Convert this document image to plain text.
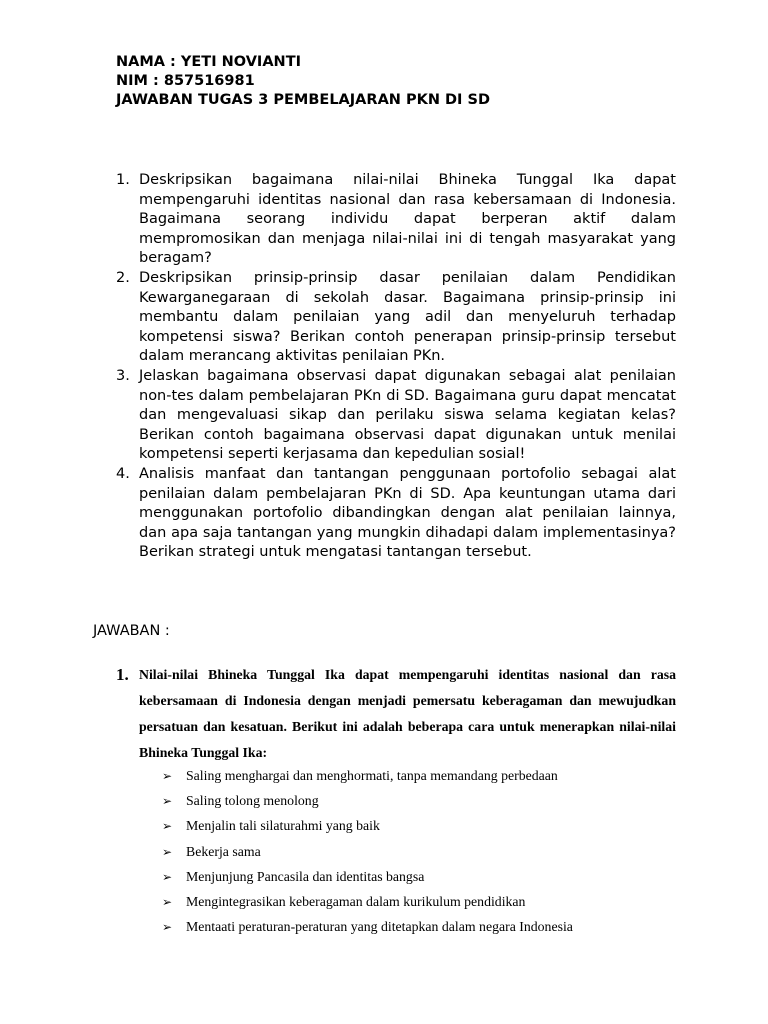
NAMA : YETI NOVIANTI
NIM : 857516981
JAWABAN TUGAS 3 PEMBELAJARAN PKN DI SD
1. Deskripsikan bagaimana nilai-nilai Bhineka Tunggal Ika dapat mempengaruhi identitas nasional dan rasa kebersamaan di Indonesia. Bagaimana seorang individu dapat berperan aktif dalam mempromosikan dan menjaga nilai-nilai ini di tengah masyarakat yang beragam?
2. Deskripsikan prinsip-prinsip dasar penilaian dalam Pendidikan Kewarganegaraan di sekolah dasar. Bagaimana prinsip-prinsip ini membantu dalam penilaian yang adil dan menyeluruh terhadap kompetensi siswa? Berikan contoh penerapan prinsip-prinsip tersebut dalam merancang aktivitas penilaian PKn.
3. Jelaskan bagaimana observasi dapat digunakan sebagai alat penilaian non-tes dalam pembelajaran PKn di SD. Bagaimana guru dapat mencatat dan mengevaluasi sikap dan perilaku siswa selama kegiatan kelas? Berikan contoh bagaimana observasi dapat digunakan untuk menilai kompetensi seperti kerjasama dan kepedulian sosial!
4. Analisis manfaat dan tantangan penggunaan portofolio sebagai alat penilaian dalam pembelajaran PKn di SD. Apa keuntungan utama dari menggunakan portofolio dibandingkan dengan alat penilaian lainnya, dan apa saja tantangan yang mungkin dihadapi dalam implementasinya? Berikan strategi untuk mengatasi tantangan tersebut.
JAWABAN :
1. Nilai-nilai Bhineka Tunggal Ika dapat mempengaruhi identitas nasional dan rasa kebersamaan di Indonesia dengan menjadi pemersatu keberagaman dan mewujudkan persatuan dan kesatuan. Berikut ini adalah beberapa cara untuk menerapkan nilai-nilai Bhineka Tunggal Ika:
➢ Saling menghargai dan menghormati, tanpa memandang perbedaan
➢ Saling tolong menolong
➢ Menjalin tali silaturahmi yang baik
➢ Bekerja sama
➢ Menjunjung Pancasila dan identitas bangsa
➢ Mengintegrasikan keberagaman dalam kurikulum pendidikan
➢ Mentaati peraturan-peraturan yang ditetapkan dalam negara Indonesia
